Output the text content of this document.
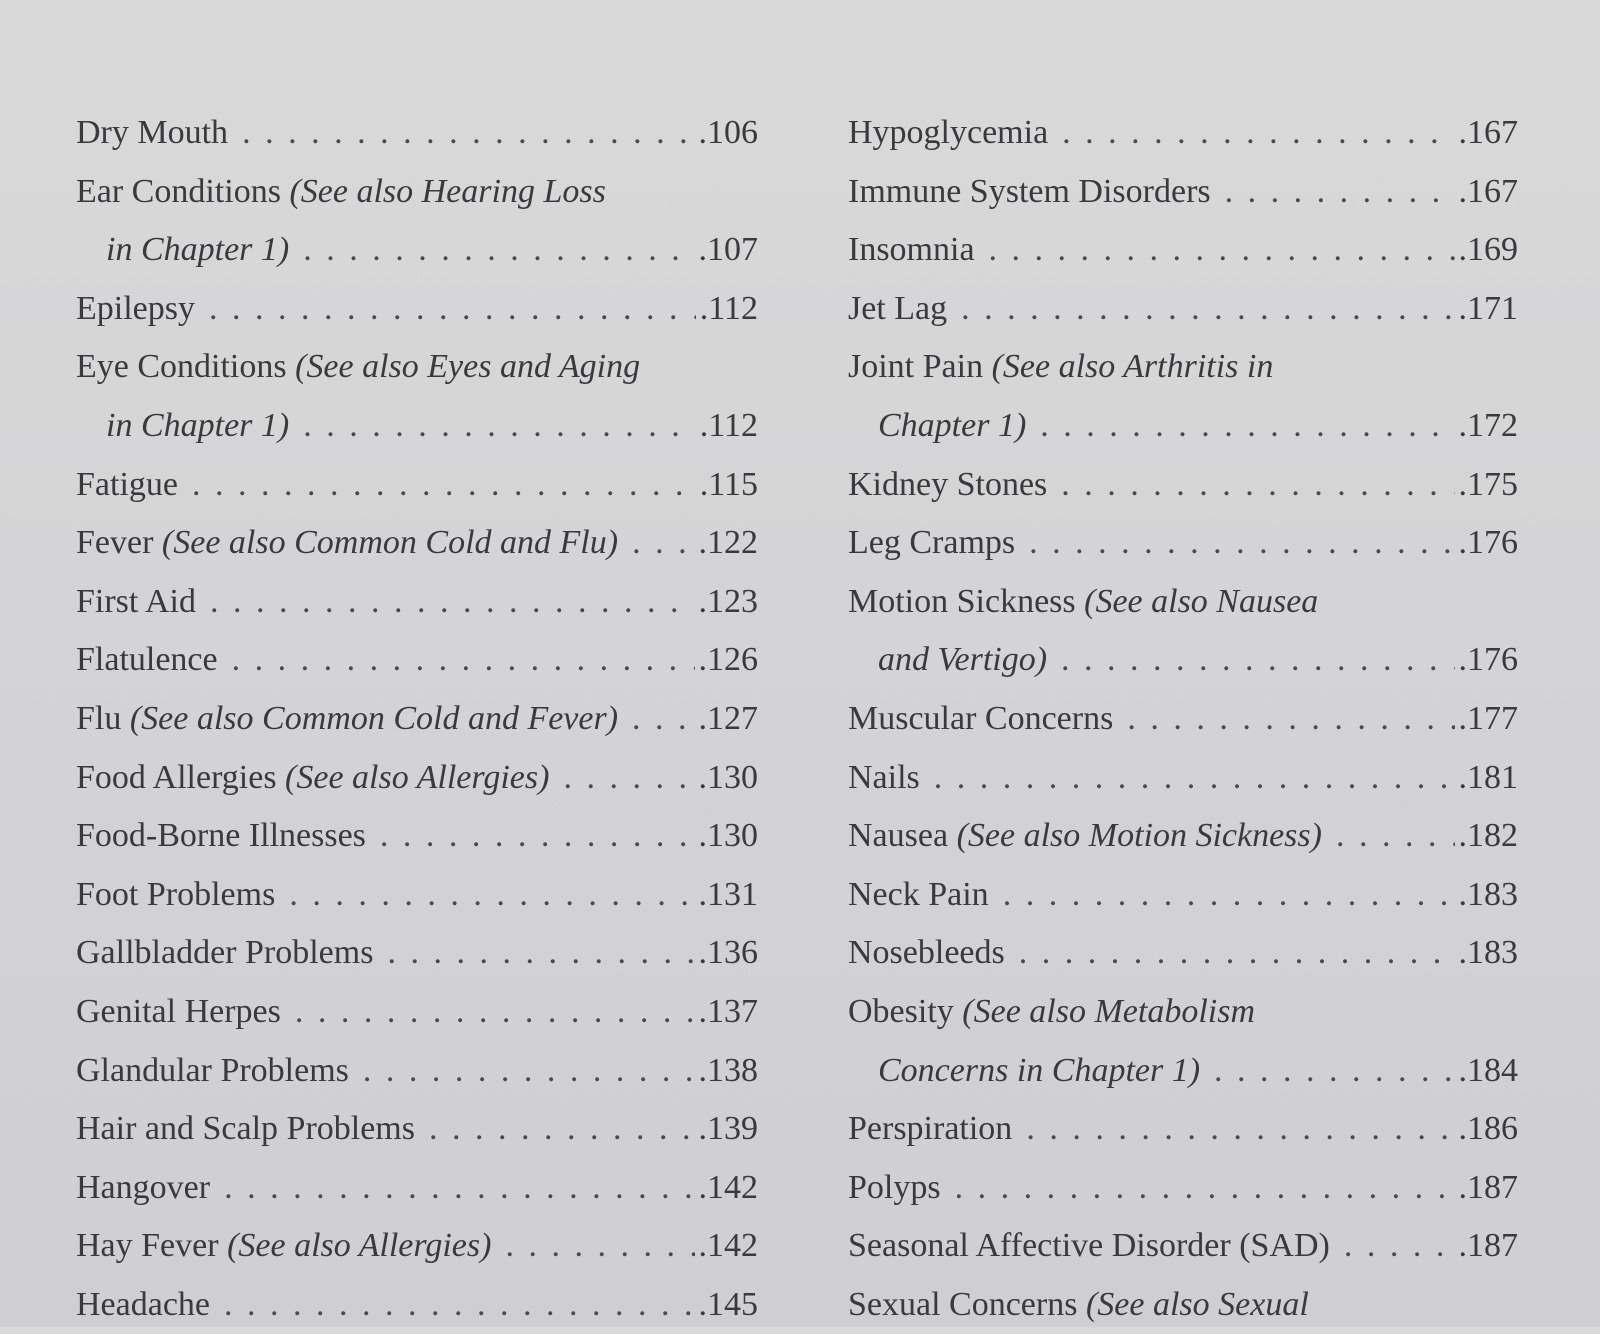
Dry Mouth . . .	.106
Ear Conditions (See also Hearing Loss
in Chapter 1) . . .	.107
Epilepsy . . .	.112
Eye Conditions (See also Eyes and Aging
in Chapter 1) . . .	.112
Fatigue . . .	.115
Fever (See also Common Cold and Flu) . . . .122
First Aid . . .	.123
Flatulence . . .	.126
Flu (See also Common Cold and Fever) . . . .127
Food Allergies (See also Allergies) . . .	.130
Food-Borne Illnesses . . .	.130
Foot Problems . . .	.131
Gallbladder Problems . . .	.136
Genital Herpes . . .	.137
Glandular Problems . . .	.138
Hair and Scalp Problems . . .	.139
Hangover . . .	.142
Hay Fever (See also Allergies) . . .	.142
Headache . . .	.145
Hypoglycemia . . .	.167
Immune System Disorders . . .	.167
Insomnia . . .	.169
Jet Lag . . .	.171
Joint Pain (See also Arthritis in
Chapter 1) . . .	.172
Kidney Stones . . .	.175
Leg Cramps . . .	.176
Motion Sickness (See also Nausea
and Vertigo) . . .	.176
Muscular Concerns . . .	.177
Nails . . .	.181
Nausea (See also Motion Sickness) . . .	.182
Neck Pain . . .	.183
Nosebleeds . . .	.183
Obesity (See also Metabolism
Concerns in Chapter 1) . . .	.184
Perspiration . . .	.186
Polyps . . .	.187
Seasonal Affective Disorder (SAD) . . .	.187
Sexual Concerns (See also Sexual
